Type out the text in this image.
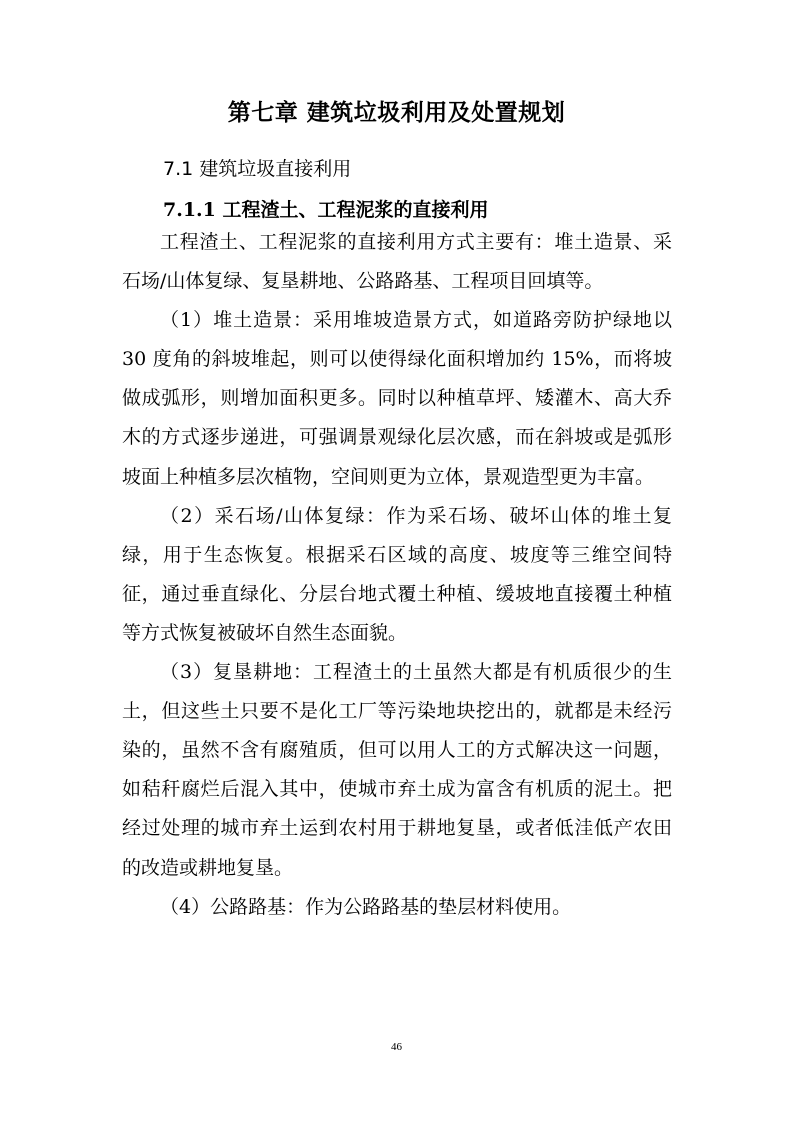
第七章 建筑垃圾利用及处置规划
7.1 建筑垃圾直接利用
7.1.1 工程渣土、工程泥浆的直接利用

工程渣土、工程泥浆的直接利用方式主要有：堆土造景、采石场/山体复绿、复垦耕地、公路路基、工程项目回填等。

（1）堆土造景：采用堆坡造景方式，如道路旁防护绿地以 30 度角的斜坡堆起，则可以使得绿化面积增加约 15%，而将坡做成弧形，则增加面积更多。同时以种植草坪、矮灌木、高大乔木的方式逐步递进，可强调景观绿化层次感，而在斜坡或是弧形坡面上种植多层次植物，空间则更为立体，景观造型更为丰富。

（2）采石场/山体复绿：作为采石场、破坏山体的堆土复绿，用于生态恢复。根据采石区域的高度、坡度等三维空间特征，通过垂直绿化、分层台地式覆土种植、缓坡地直接覆土种植等方式恢复被破坏自然生态面貌。

（3）复垦耕地：工程渣土的土虽然大都是有机质很少的生土，但这些土只要不是化工厂等污染地块挖出的，就都是未经污染的，虽然不含有腐殖质，但可以用人工的方式解决这一问题，如秸秆腐烂后混入其中，使城市弃土成为富含有机质的泥土。把经过处理的城市弃土运到农村用于耕地复垦，或者低洼低产农田的改造或耕地复垦。

（4）公路路基：作为公路路基的垫层材料使用。

46
